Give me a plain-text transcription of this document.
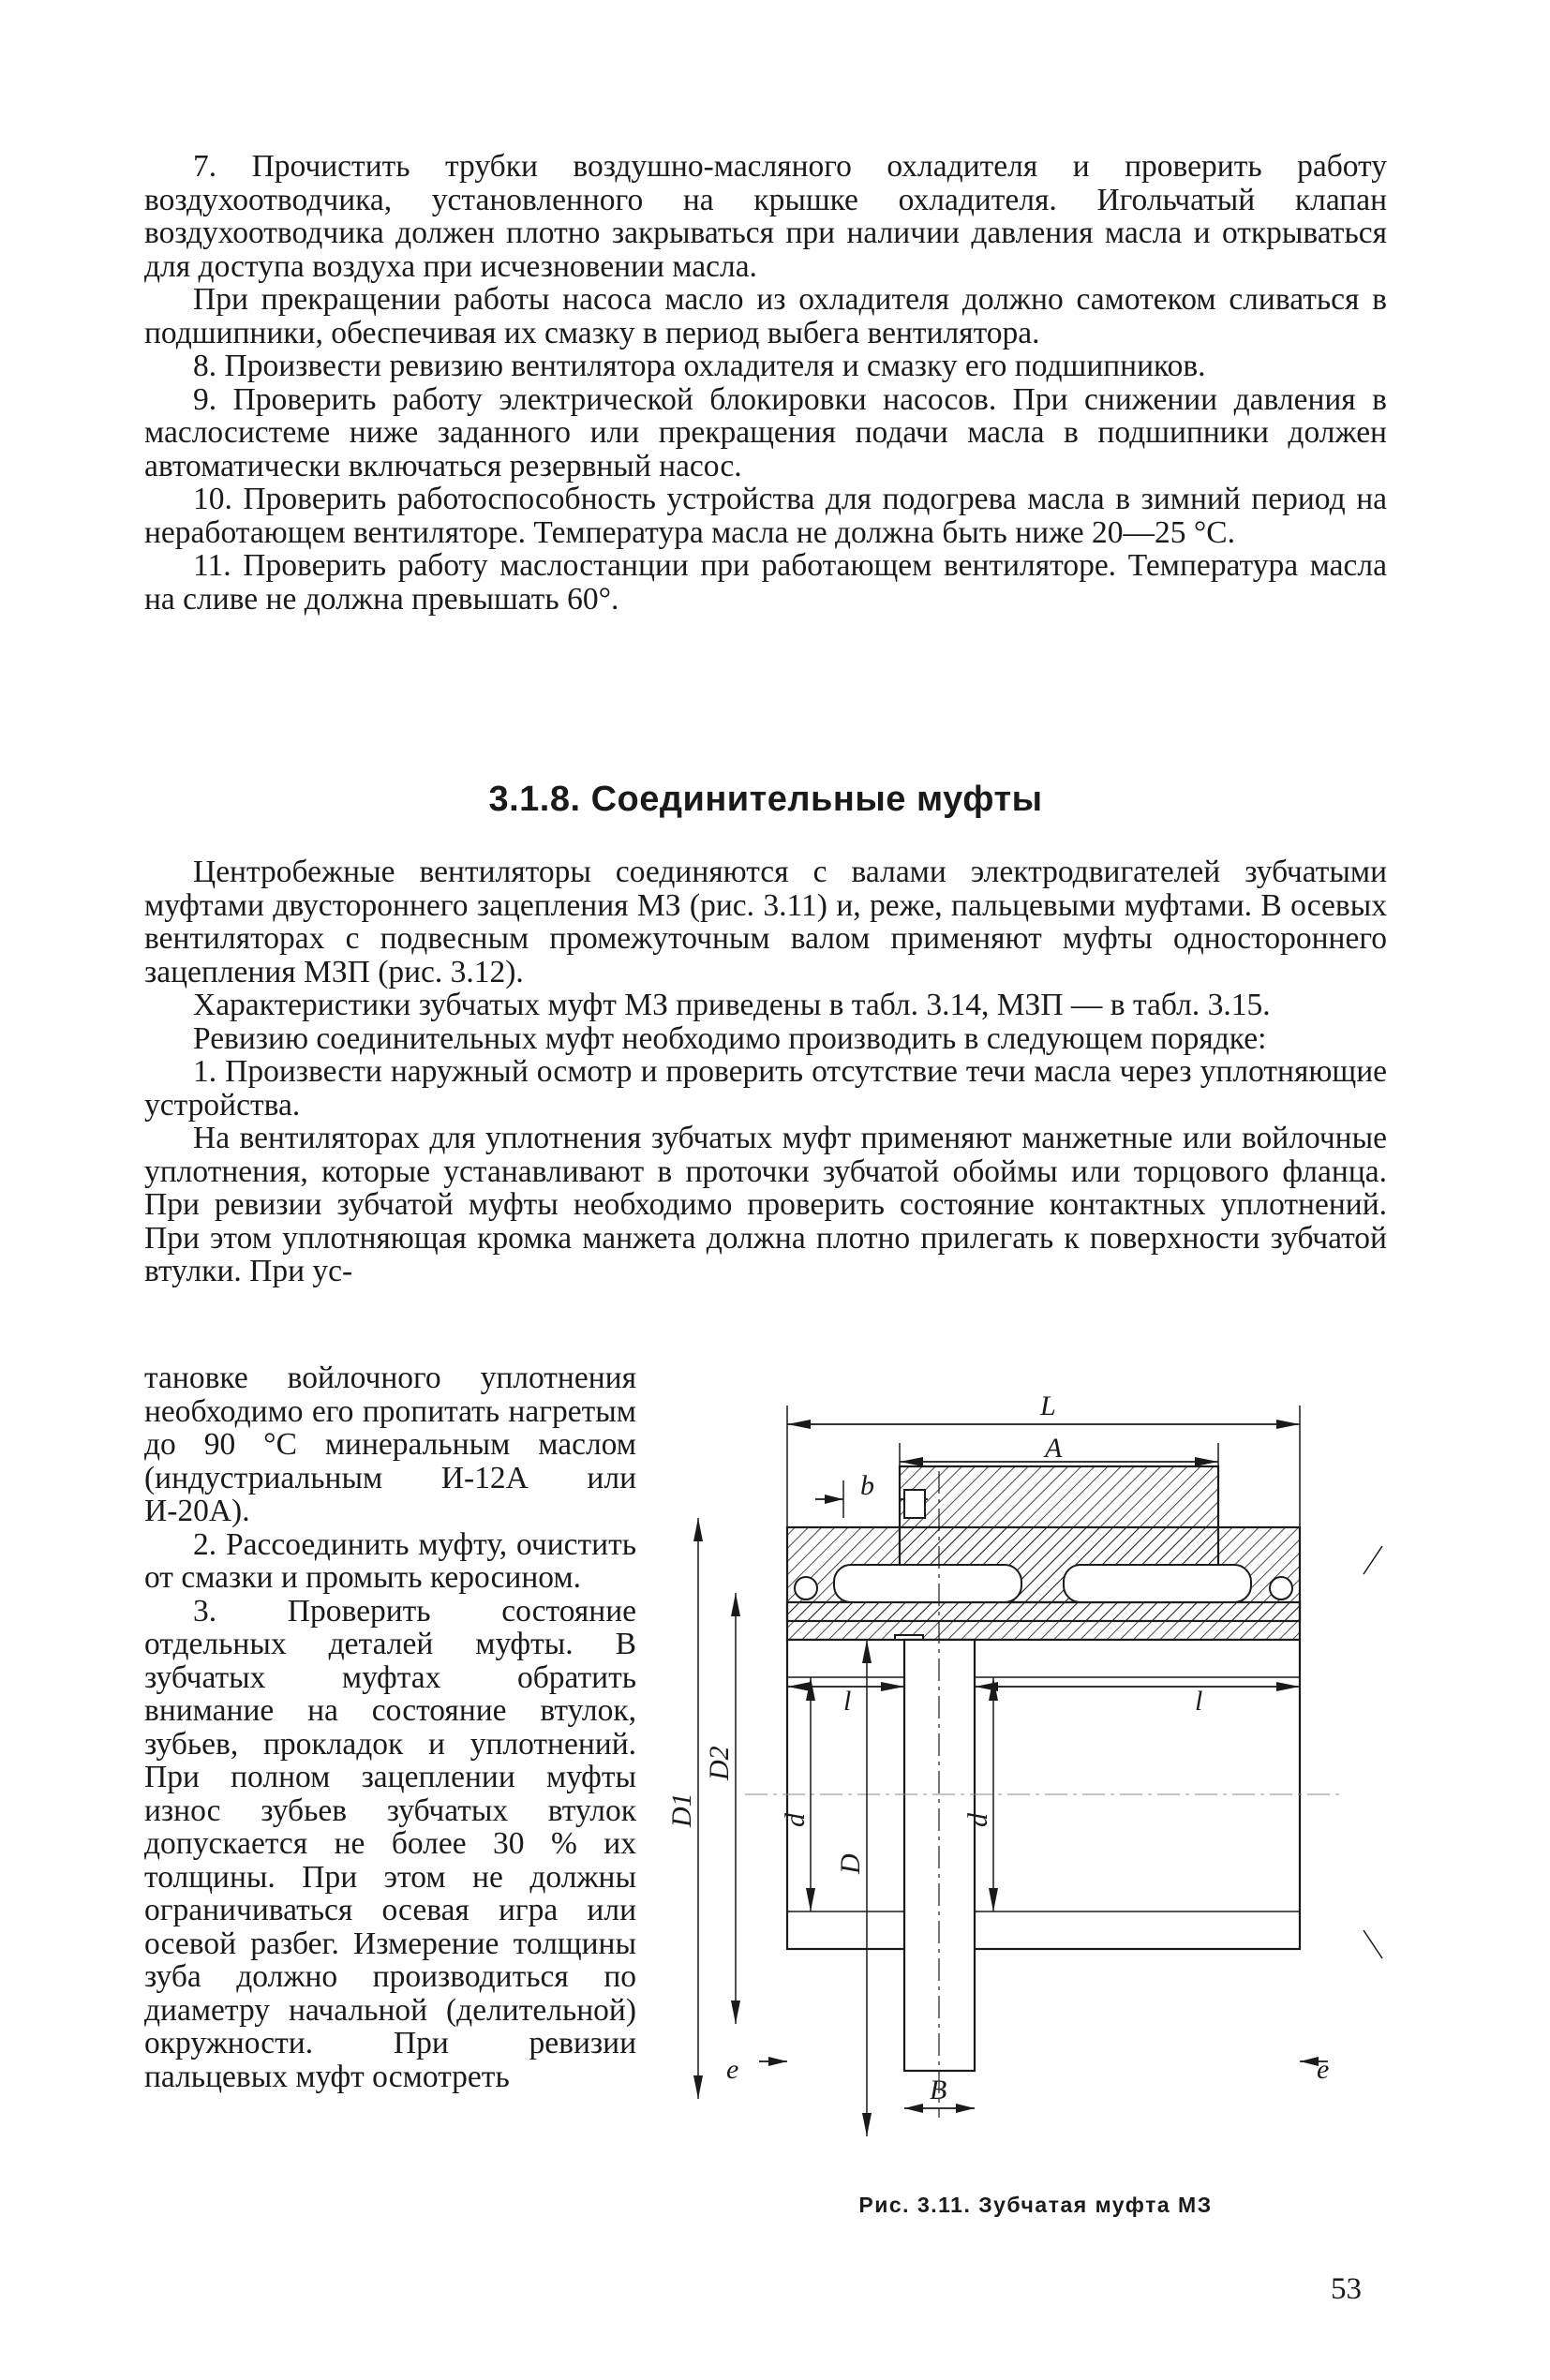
7. Прочистить трубки воздушно-масляного охладителя и проверить работу воздухоотводчика, установленного на крышке охладителя. Игольчатый клапан воздухоотводчика должен плотно закрываться при наличии давления масла и открываться для доступа воздуха при исчезновении масла.

При прекращении работы насоса масло из охладителя должно самотеком сливаться в подшипники, обеспечивая их смазку в период выбега вентилятора.

8. Произвести ревизию вентилятора охладителя и смазку его подшипников.

9. Проверить работу электрической блокировки насосов. При снижении давления в маслосистеме ниже заданного или прекращения подачи масла в подшипники должен автоматически включаться резервный насос.

10. Проверить работоспособность устройства для подогрева масла в зимний период на неработающем вентиляторе. Температура масла не должна быть ниже 20—25 °С.

11. Проверить работу маслостанции при работающем вентиляторе. Температура масла на сливе не должна превышать 60°.

3.1.8. Соединительные муфты

Центробежные вентиляторы соединяются с валами электродвигателей зубчатыми муфтами двустороннего зацепления МЗ (рис. 3.11) и, реже, пальцевыми муфтами. В осевых вентиляторах с подвесным промежуточным валом применяют муфты одностороннего зацепления МЗП (рис. 3.12).

Характеристики зубчатых муфт МЗ приведены в табл. 3.14, МЗП — в табл. 3.15.

Ревизию соединительных муфт необходимо производить в следующем порядке:

1. Произвести наружный осмотр и проверить отсутствие течи масла через уплотняющие устройства.

На вентиляторах для уплотнения зубчатых муфт применяют манжетные или войлочные уплотнения, которые устанавливают в проточки зубчатой обоймы или торцового фланца. При ревизии зубчатой муфты необходимо проверить состояние контактных уплотнений. При этом уплотняющая кромка манжета должна плотно прилегать к поверхности зубчатой втулки. При ус-

тановке войлочного уплотнения необходимо его пропитать нагретым до 90 °С минеральным маслом (индустриальным И-12А или И-20А).

2. Рассоединить муфту, очистить от смазки и промыть керосином.

3. Проверить состояние отдельных деталей муфты. В зубчатых муфтах обратить внимание на состояние втулок, зубьев, прокладок и уплотнений. При полном зацеплении муфты износ зубьев зубчатых втулок допускается не более 30 % их толщины. При этом не должны ограничиваться осевая игра или осевой разбег. Измерение толщины зуба должно производиться по диаметру начальной (делительной) окружности. При ревизии пальцевых муфт осмотреть

L
A
b
l	l
D1
D2
d
D
d
e	e
B
Рис. 3.11. Зубчатая муфта МЗ
53
